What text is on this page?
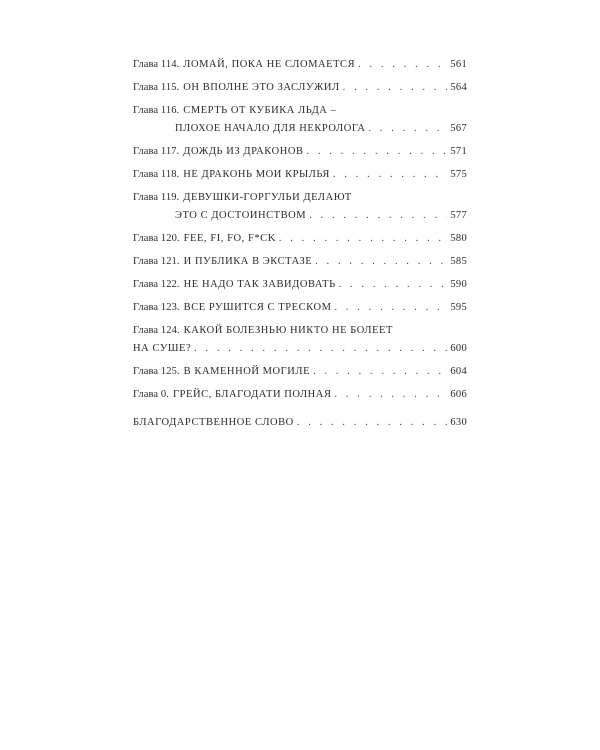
Глава 114. ЛОМАЙ, ПОКА НЕ СЛОМАЕТСЯ . . .	561
Глава 115. ОН ВПОЛНЕ ЭТО ЗАСЛУЖИЛ . . .	564
Глава 116. СМЕРТЬ ОТ КУБИКА ЛЬДА –
ПЛОХОЕ НАЧАЛО ДЛЯ НЕКРОЛОГА . . .	567
Глава 117. ДОЖДЬ ИЗ ДРАКОНОВ . . .	571
Глава 118. НЕ ДРАКОНЬ МОИ КРЫЛЬЯ . . .	575
Глава 119. ДЕВУШКИ-ГОРГУЛЬИ ДЕЛАЮТ
ЭТО С ДОСТОИНСТВОМ . . .	577
Глава 120. FEE, FI, FO, F*CK . . .	580
Глава 121. И ПУБЛИКА В ЭКСТАЗЕ . . .	585
Глава 122. НЕ НАДО ТАК ЗАВИДОВАТЬ . . .	590
Глава 123. ВСЕ РУШИТСЯ С ТРЕСКОМ . . .	595
Глава 124. КАКОЙ БОЛЕЗНЬЮ НИКТО НЕ БОЛЕЕТ
НА СУШЕ? . . .	600
Глава 125. В КАМЕННОЙ МОГИЛЕ . . .	604
Глава 0. ГРЕЙС, БЛАГОДАТИ ПОЛНАЯ . . .	606
БЛАГОДАРСТВЕННОЕ СЛОВО . . .	630
